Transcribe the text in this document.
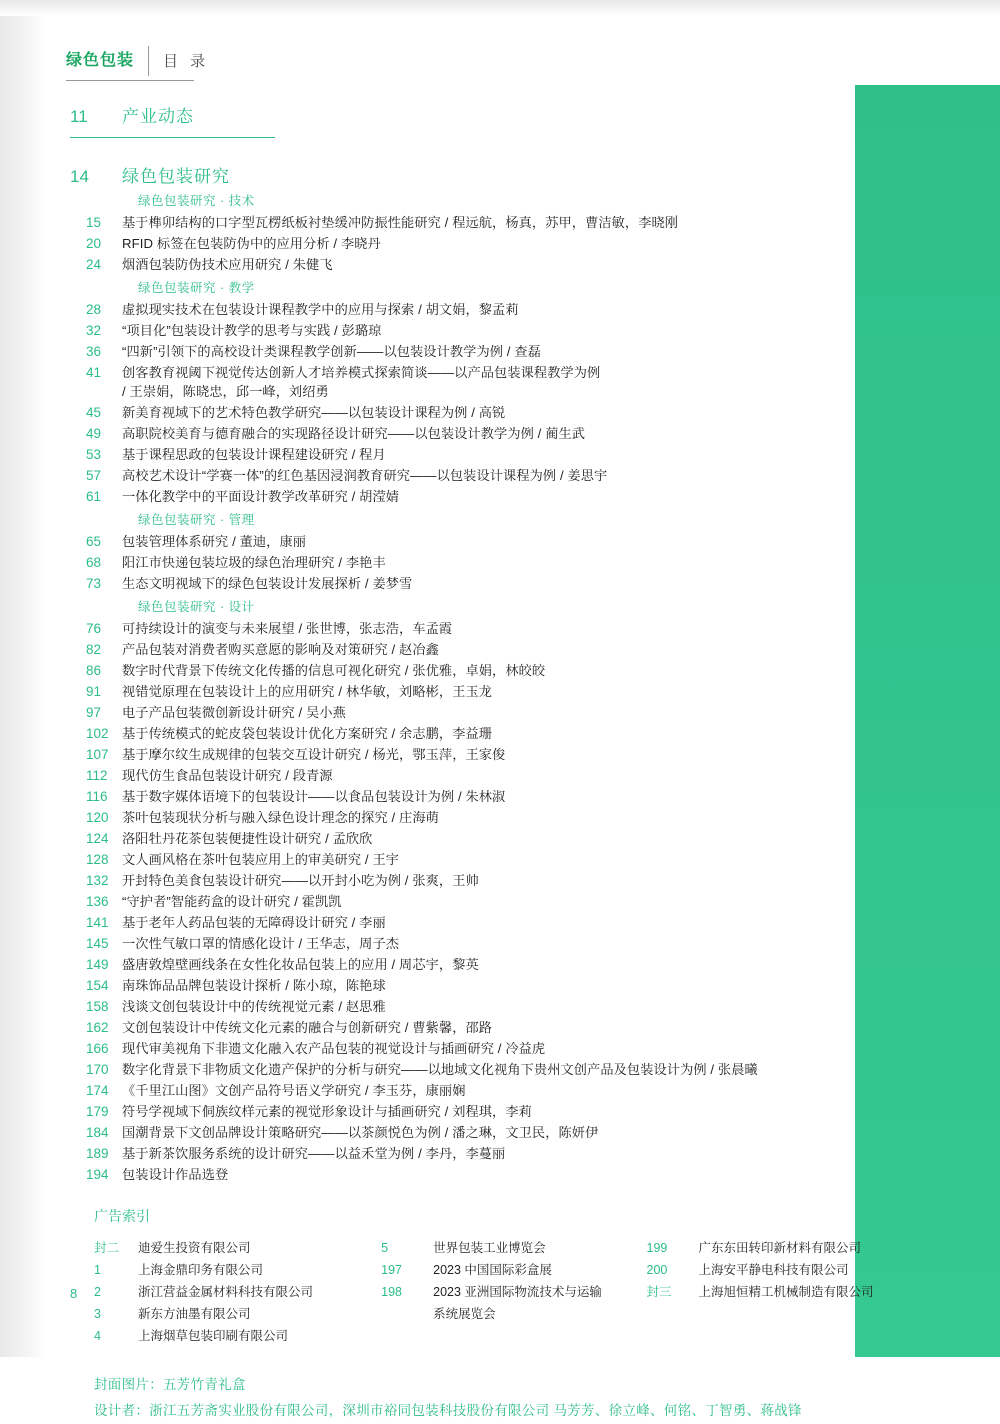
绿色包装 目 录
11	产业动态
14	绿色包装研究
绿色包装研究 · 技术
15	基于榫卯结构的口字型瓦楞纸板衬垫缓冲防振性能研究 / 程远航，杨真，苏甲，曹洁敏，李晓刚
20	RFID 标签在包装防伪中的应用分析 / 李晓丹
24	烟酒包装防伪技术应用研究 / 朱健飞
绿色包装研究 · 教学
28	虚拟现实技术在包装设计课程教学中的应用与探索 / 胡文娟，黎孟莉
32	“项目化”包装设计教学的思考与实践 / 彭璐琼
36	“四新”引领下的高校设计类课程教学创新——以包装设计教学为例 / 查磊
41	创客教育视阈下视觉传达创新人才培养模式探索简谈——以产品包装课程教学为例
/ 王崇娟，陈晓忠，邱一峰，刘绍勇
45	新美育视域下的艺术特色教学研究——以包装设计课程为例 / 高锐
49	高职院校美育与德育融合的实现路径设计研究——以包装设计教学为例 / 蔺生武
53	基于课程思政的包装设计课程建设研究 / 程月
57	高校艺术设计“学赛一体”的红色基因浸润教育研究——以包装设计课程为例 / 姜思宇
61	一体化教学中的平面设计教学改革研究 / 胡滢婧
绿色包装研究 · 管理
65	包装管理体系研究 / 董迪，康丽
68	阳江市快递包装垃圾的绿色治理研究 / 李艳丰
73	生态文明视域下的绿色包装设计发展探析 / 姜梦雪
绿色包装研究 · 设计
76	可持续设计的演变与未来展望 / 张世博，张志浩，车孟霞
82	产品包装对消费者购买意愿的影响及对策研究 / 赵冶鑫
86	数字时代背景下传统文化传播的信息可视化研究 / 张优雅，卓娟，林皎皎
91	视错觉原理在包装设计上的应用研究 / 林华敏，刘略彬，王玉龙
97	电子产品包装微创新设计研究 / 吴小燕
102	基于传统模式的蛇皮袋包装设计优化方案研究 / 余志鹏，李益珊
107	基于摩尔纹生成规律的包装交互设计研究 / 杨光，鄂玉萍，王家俊
112	现代仿生食品包装设计研究 / 段青源
116	基于数字媒体语境下的包装设计——以食品包装设计为例 / 朱林淑
120	茶叶包装现状分析与融入绿色设计理念的探究 / 庄海萌
124	洛阳牡丹花茶包装便捷性设计研究 / 孟欣欣
128	文人画风格在茶叶包装应用上的审美研究 / 王宇
132	开封特色美食包装设计研究——以开封小吃为例 / 张爽，王帅
136	“守护者”智能药盒的设计研究 / 霍凯凯
141	基于老年人药品包装的无障碍设计研究 / 李丽
145	一次性气敏口罩的情感化设计 / 王华志，周子杰
149	盛唐敦煌壁画线条在女性化妆品包装上的应用 / 周芯宇，黎英
154	南珠饰品品牌包装设计探析 / 陈小琼，陈艳球
158	浅谈文创包装设计中的传统视觉元素 / 赵思雅
162	文创包装设计中传统文化元素的融合与创新研究 / 曹紫馨，邵路
166	现代审美视角下非遗文化融入农产品包装的视觉设计与插画研究 / 冷益虎
170	数字化背景下非物质文化遗产保护的分析与研究——以地域文化视角下贵州文创产品及包装设计为例 / 张晨曦
174	《千里江山图》文创产品符号语义学研究 / 李玉芬，康丽娴
179	符号学视域下侗族纹样元素的视觉形象设计与插画研究 / 刘程琪，李莉
184	国潮背景下文创品牌设计策略研究——以茶颜悦色为例 / 潘之琳，文卫民，陈妍伊
189	基于新茶饮服务系统的设计研究——以益禾堂为例 / 李丹，李蔓丽
194	包装设计作品选登
广告索引
封二	迪爱生投资有限公司
1	上海金鼎印务有限公司
2	浙江营益金属材料科技有限公司
3	新东方油墨有限公司
4	上海烟草包装印刷有限公司
5	世界包装工业博览会
197	2023 中国国际彩盒展
198	2023 亚洲国际物流技术与运输
系统展览会
199	广东东田转印新材料有限公司
200	上海安平静电科技有限公司
封三	上海旭恒精工机械制造有限公司
封面图片：五芳竹青礼盒
设计者：浙江五芳斋实业股份有限公司，深圳市裕同包装科技股份有限公司 马芳芳、徐立峰、何铭、丁智勇、蒋战锋
8
